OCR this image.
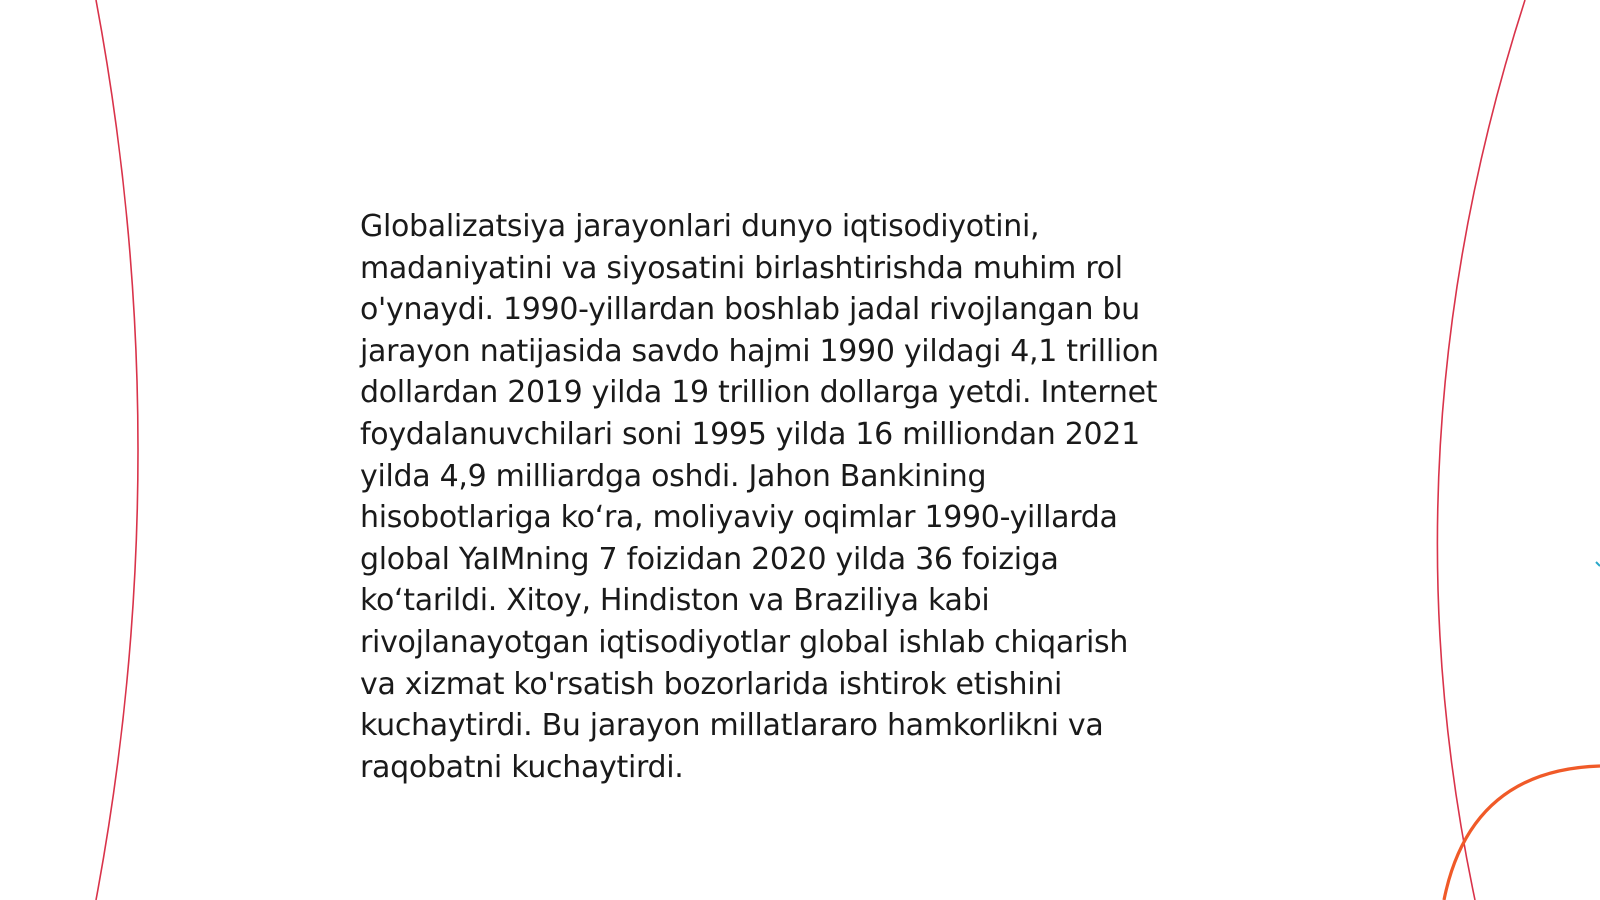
Globalizatsiya jarayonlari dunyo iqtisodiyotini,
madaniyatini va siyosatini birlashtirishda muhim rol
o'ynaydi. 1990-yillardan boshlab jadal rivojlangan bu
jarayon natijasida savdo hajmi 1990 yildagi 4,1 trillion
dollardan 2019 yilda 19 trillion dollarga yetdi. Internet
foydalanuvchilari soni 1995 yilda 16 milliondan 2021
yilda 4,9 milliardga oshdi. Jahon Bankining
hisobotlariga ko‘ra, moliyaviy oqimlar 1990-yillarda
global YaIMning 7 foizidan 2020 yilda 36 foiziga
ko‘tarildi. Xitoy, Hindiston va Braziliya kabi
rivojlanayotgan iqtisodiyotlar global ishlab chiqarish
va xizmat ko'rsatish bozorlarida ishtirok etishini
kuchaytirdi. Bu jarayon millatlararo hamkorlikni va
raqobatni kuchaytirdi.
